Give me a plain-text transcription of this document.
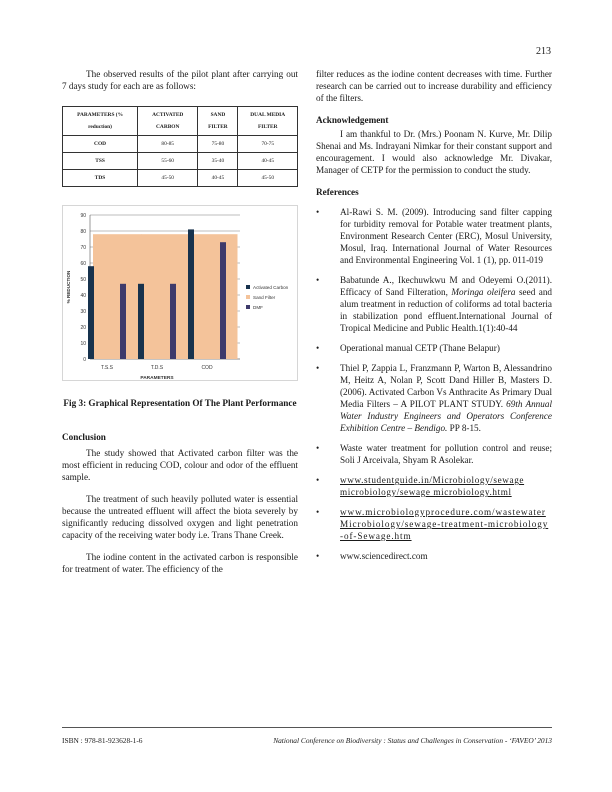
213

The observed results of the pilot plant after carrying out 7 days study for each are as follows:

PARAMETERS (% reduction)	ACTIVATED CARBON	SAND FILTER	DUAL MEDIA FILTER
COD	80-85	75-80	70-75
TSS	55-60	35-40	40-45
TDS	45-50	40-45	45-50
0
10
20
30
40
50
60
70
80
90
T.S.S	T.D.S	COD
PARAMETERS
% REDUCTION	Activated Carbon
Sand Filter
DMF

Fig 3: Graphical Representation Of The Plant Performance

Conclusion

The study showed that Activated carbon filter was the most efficient in reducing COD, colour and odor of the effluent sample.

The treatment of such heavily polluted water is essential because the untreated effluent will affect the biota severely by significantly reducing dissolved oxygen and light penetration capacity of the receiving water body i.e. Trans Thane Creek.

The iodine content in the activated carbon is responsible for treatment of water. The efficiency of the

filter reduces as the iodine content decreases with time. Further research can be carried out to increase durability and efficiency of the filters.

Acknowledgement

I am thankful to Dr. (Mrs.) Poonam N. Kurve, Mr. Dilip Shenai and Ms. Indrayani Nimkar for their constant support and encouragement. I would also acknowledge Mr. Divakar, Manager of CETP for the permission to conduct the study.

References

• Al-Rawi S. M. (2009). Introducing sand filter capping for turbidity removal for Potable water treatment plants, Environment Research Center (ERC), Mosul University, Mosul, Iraq. International Journal of Water Resources and Environmental Engineering Vol. 1 (1), pp. 011-019
• Babatunde A., Ikechuwkwu M and Odeyemi O.(2011). Efficacy of Sand Filteration, Moringa oleifera seed and alum treatment in reduction of coliforms ad total bacteria in stabilization pond effluent.International Journal of Tropical Medicine and Public Health.1(1):40-44
• Operational manual CETP (Thane Belapur)
• Thiel P, Zappia L, Franzmann P, Warton B, Alessandrino M, Heitz A, Nolan P, Scott Dand Hiller B, Masters D. (2006). Activated Carbon Vs Anthracite As Primary Dual Media Filters – A PILOT PLANT STUDY. 69th Annual Water Industry Engineers and Operators Conference Exhibition Centre – Bendigo. PP 8-15.
• Waste water treatment for pollution control and reuse; Soli J Arceivala, Shyam R Asolekar.
• www.studentguide.in/Microbiology/sewage microbiology/sewage microbiology.html
• www.microbiologyprocedure.com/wastewaterMicrobiology/sewage-treatment-microbiology-of-Sewage.htm
• www.sciencedirect.com
ISBN : 978-81-923628-1-6	National Conference on Biodiversity : Status and Challenges in Conservation - ‘FAVEO’ 2013
